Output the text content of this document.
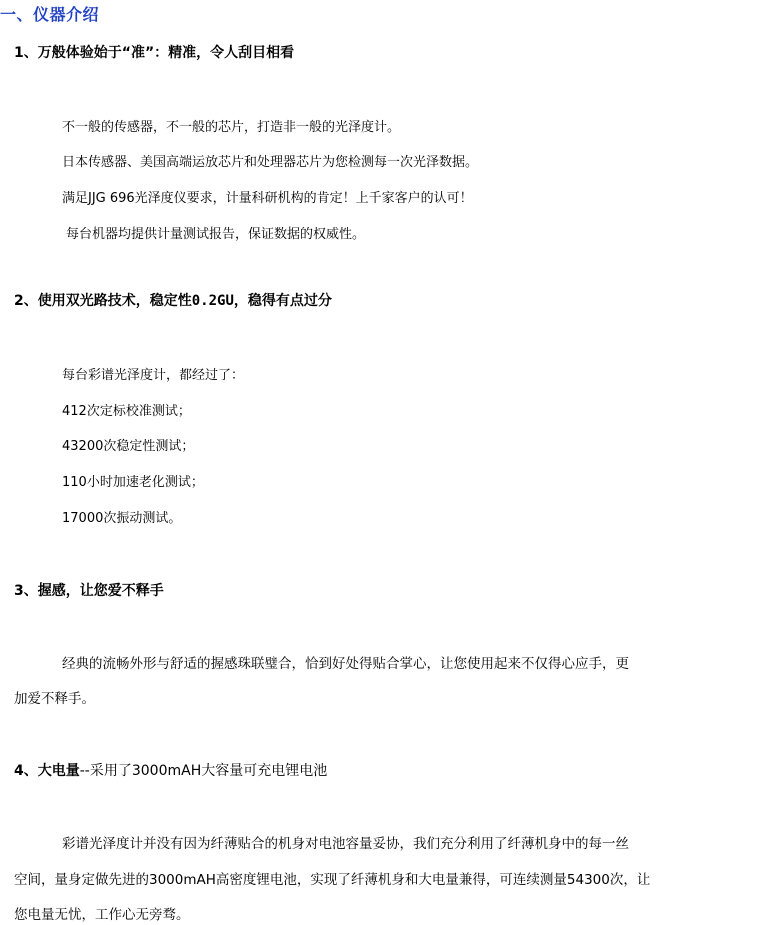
一、仪器介绍
1、万般体验始于“准”：精准，令人刮目相看
不一般的传感器，不一般的芯片，打造非一般的光泽度计。
日本传感器、美国高端运放芯片和处理器芯片为您检测每一次光泽数据。
满足JJG 696光泽度仪要求，计量科研机构的肯定！上千家客户的认可！
每台机器均提供计量测试报告，保证数据的权威性。
2、使用双光路技术，稳定性0.2GU，稳得有点过分
每台彩谱光泽度计，都经过了：
412次定标校准测试；
43200次稳定性测试；
110小时加速老化测试；
17000次振动测试。
3、握感，让您爱不释手
经典的流畅外形与舒适的握感珠联璧合，恰到好处得贴合掌心，让您使用起来不仅得心应手，更
加爱不释手。
4、大电量--采用了3000mAH大容量可充电锂电池
彩谱光泽度计并没有因为纤薄贴合的机身对电池容量妥协，我们充分利用了纤薄机身中的每一丝
空间，量身定做先进的3000mAH高密度锂电池，实现了纤薄机身和大电量兼得，可连续测量54300次，让
您电量无忧，工作心无旁骛。
